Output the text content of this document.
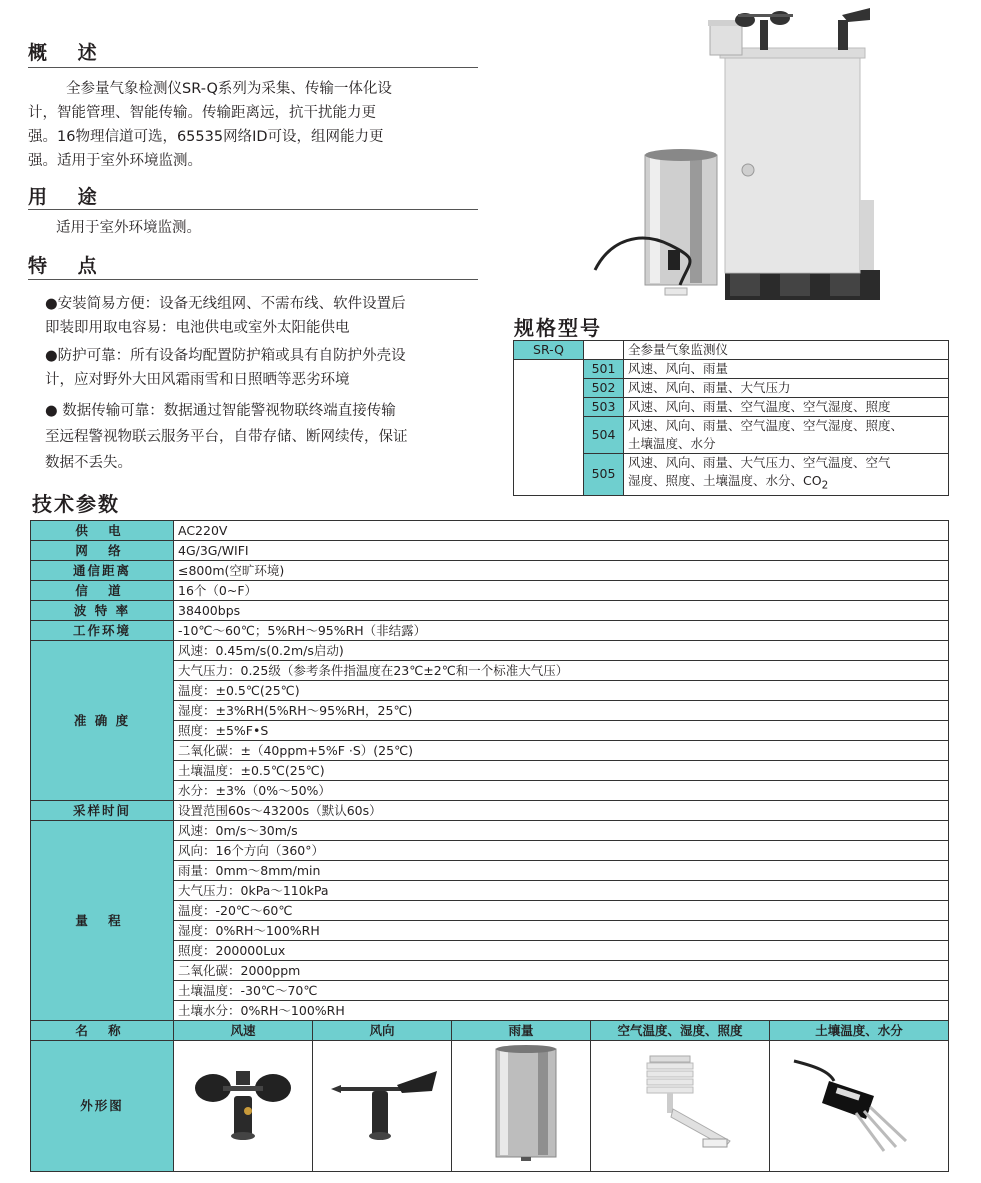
概 述
全参量气象检测仪SR-Q系列为采集、传输一体化设
计，智能管理、智能传输。传输距离远，抗干扰能力更
强。16物理信道可选，65535网络ID可设，组网能力更
强。适用于室外环境监测。
用 途
适用于室外环境监测。
特 点
●安装简易方便：设备无线组网、不需布线、软件设置后
即装即用取电容易：电池供电或室外太阳能供电
●防护可靠：所有设备均配置防护箱或具有自防护外壳设
计，应对野外大田风霜雨雪和日照晒等恶劣环境
● 数据传输可靠：数据通过智能警视物联终端直接传输
至远程警视物联云服务平台，自带存储、断网续传，保证
数据不丢失。
规格型号
SR-Q		全参量气象监测仪
	501	风速、风向、雨量
	502	风速、风向、雨量、大气压力
	503	风速、风向、雨量、空气温度、空气湿度、照度
	504	风速、风向、雨量、空气温度、空气湿度、照度、
土壤温度、水分

	505	风速、风向、雨量、大气压力、空气温度、空气
湿度、照度、土壤温度、水分、$CO_2$
技术参数
供 电	AC220V				
网 络	4G/3G/WIFI				
通信距离	≤800m(空旷环境)				
信 道	16个（0~F）				
波 特 率	38400bps				
工作环境	-10℃～60℃；5%RH～95%RH（非结露）				
准 确 度	风速：0.45m/s(0.2m/s启动)				
	大气压力：0.25级（参考条件指温度在23℃±2℃和一个标准大气压）				
	温度：±0.5℃(25℃)				
	湿度：±3%RH(5%RH～95%RH，25℃)				
	照度：±5%F•S				
	二氧化碳：±（40ppm+5%F ·S）(25℃)				
	土壤温度：±0.5℃(25℃)				
	水分：±3%（0%～50%）				
采样时间	设置范围60s～43200s（默认60s）				
量 程	风速：0m/s～30m/s				
	风向：16个方向（360°）				
	雨量：0mm～8mm/min				
	大气压力：0kPa～110kPa				
	温度：-20℃～60℃				
	湿度：0%RH～100%RH				
	照度：200000Lux				
	二氧化碳：2000ppm				
	土壤温度：-30℃～70℃				
	土壤水分：0%RH～100%RH				
名 称	风速	风向	雨量	空气温度、湿度、照度	土壤温度、水分
外形图					
